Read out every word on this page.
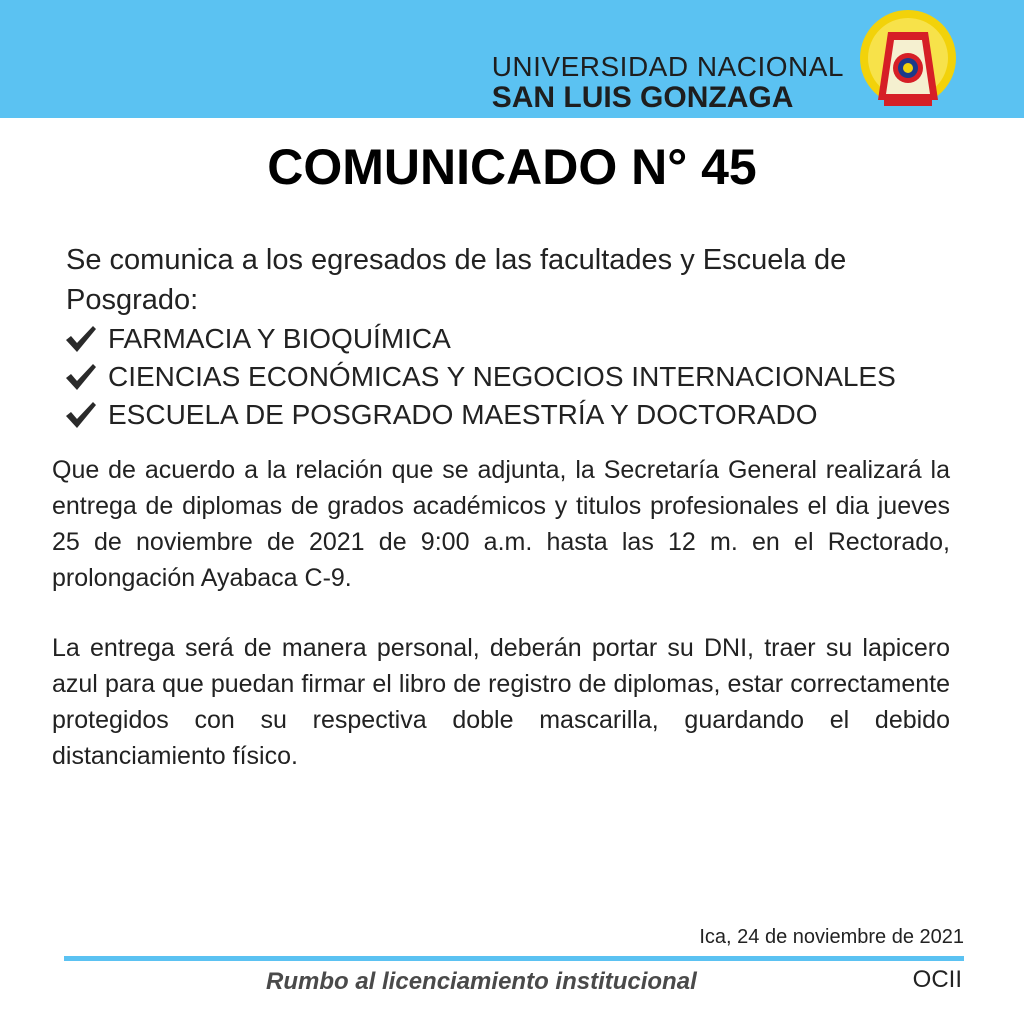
UNIVERSIDAD NACIONAL
SAN LUIS GONZAGA
COMUNICADO N° 45
Se comunica a los egresados de las facultades y Escuela de Posgrado:
FARMACIA Y BIOQUÍMICA
CIENCIAS ECONÓMICAS Y NEGOCIOS INTERNACIONALES
ESCUELA DE POSGRADO MAESTRÍA Y DOCTORADO
Que de acuerdo a la relación que se adjunta, la Secretaría General realizará la entrega de diplomas de grados académicos y titulos profesionales el dia jueves 25 de noviembre de 2021 de 9:00 a.m. hasta las 12 m. en el Rectorado, prolongación Ayabaca C-9.
La entrega será de manera personal, deberán portar su DNI, traer su lapicero azul para que puedan firmar el libro de registro de diplomas, estar correctamente protegidos con su respectiva doble mascarilla, guardando el debido distanciamiento físico.
Ica, 24 de noviembre de 2021
Rumbo al licenciamiento institucional	OCII
